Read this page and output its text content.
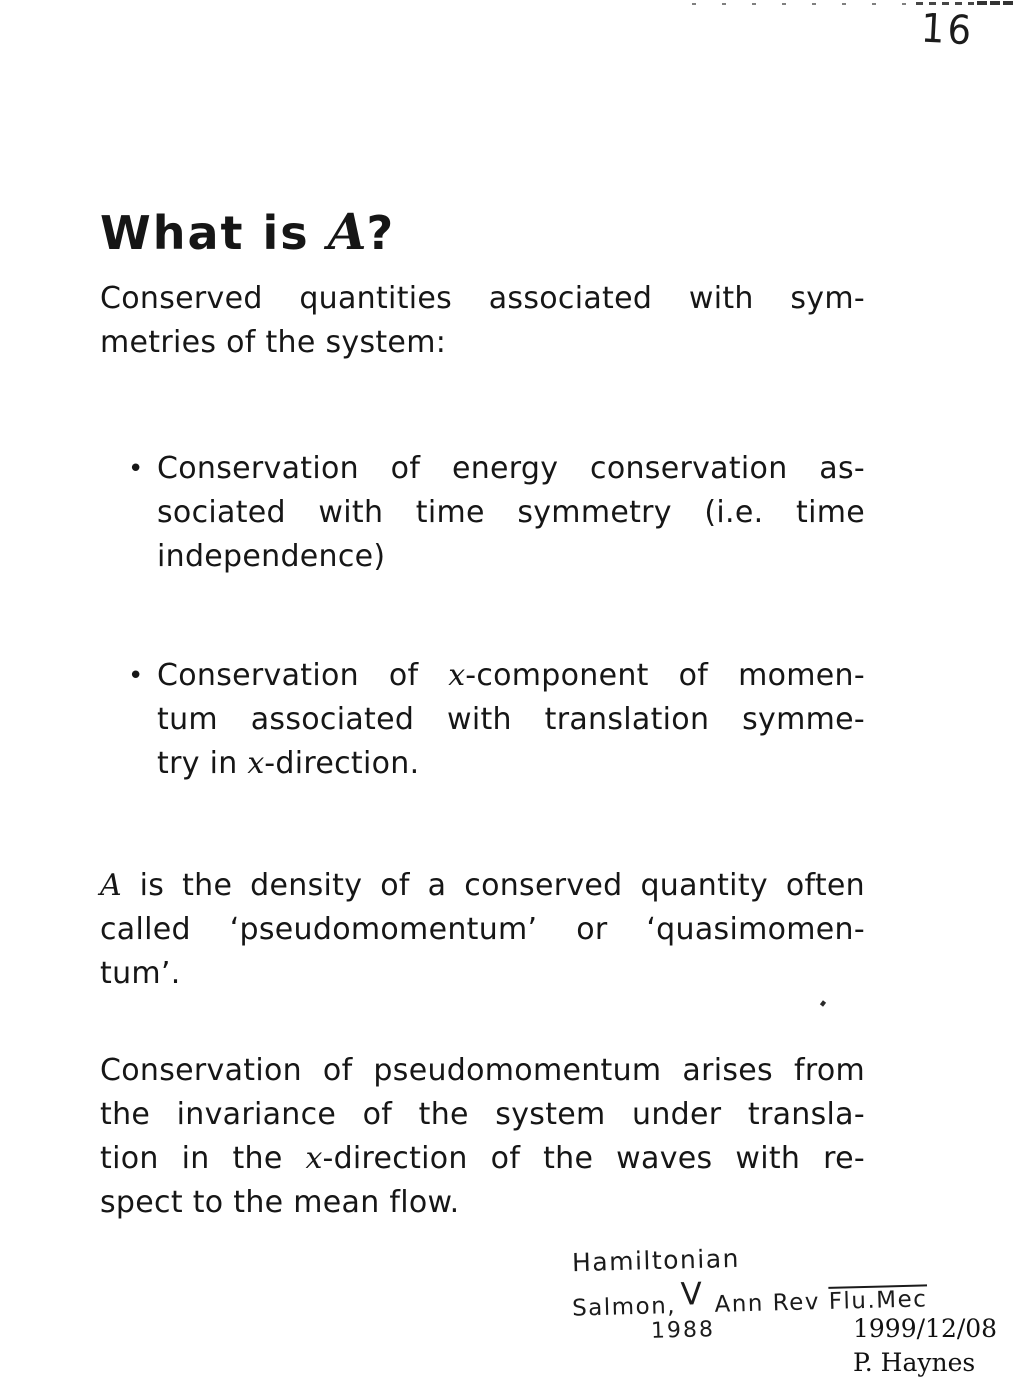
16
What is A?
Conserved quantities associated with sym-
metries of the system:
• Conservation of energy conservation as-
sociated with time symmetry (i.e. time
independence)
• Conservation of x-component of momen-
tum associated with translation symme-
try in x-direction.
A is the density of a conserved quantity often
called ‘pseudomomentum’ or ‘quasimomen-
tum’.
Conservation of pseudomomentum arises from
the invariance of the system under transla-
tion in the x-direction of the waves with re-
spect to the mean flow.
Hamiltonian
Salmon, V Ann Rev Flu.Mec
1988	1999/12/08
P. Haynes
